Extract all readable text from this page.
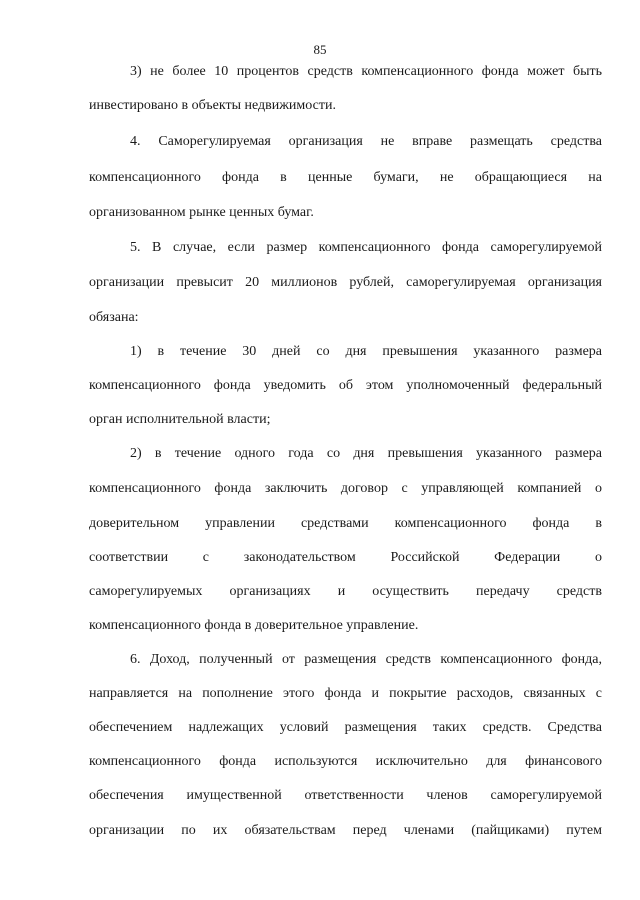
85
3) не более 10 процентов средств компенсационного фонда может быть
инвестировано в объекты недвижимости.
4. Саморегулируемая организация не вправе размещать средства
компенсационного фонда в ценные бумаги, не обращающиеся на
организованном рынке ценных бумаг.
5. В случае, если размер компенсационного фонда саморегулируемой
организации превысит 20 миллионов рублей, саморегулируемая организация
обязана:
1) в течение 30 дней со дня превышения указанного размера
компенсационного фонда уведомить об этом уполномоченный федеральный
орган исполнительной власти;
2) в течение одного года со дня превышения указанного размера
компенсационного фонда заключить договор с управляющей компанией о
доверительном управлении средствами компенсационного фонда в
соответствии с законодательством Российской Федерации о
саморегулируемых организациях и осуществить передачу средств
компенсационного фонда в доверительное управление.
6. Доход, полученный от размещения средств компенсационного фонда,
направляется на пополнение этого фонда и покрытие расходов, связанных с
обеспечением надлежащих условий размещения таких средств. Средства
компенсационного фонда используются исключительно для финансового
обеспечения имущественной ответственности членов саморегулируемой
организации по их обязательствам перед членами (пайщиками) путем
